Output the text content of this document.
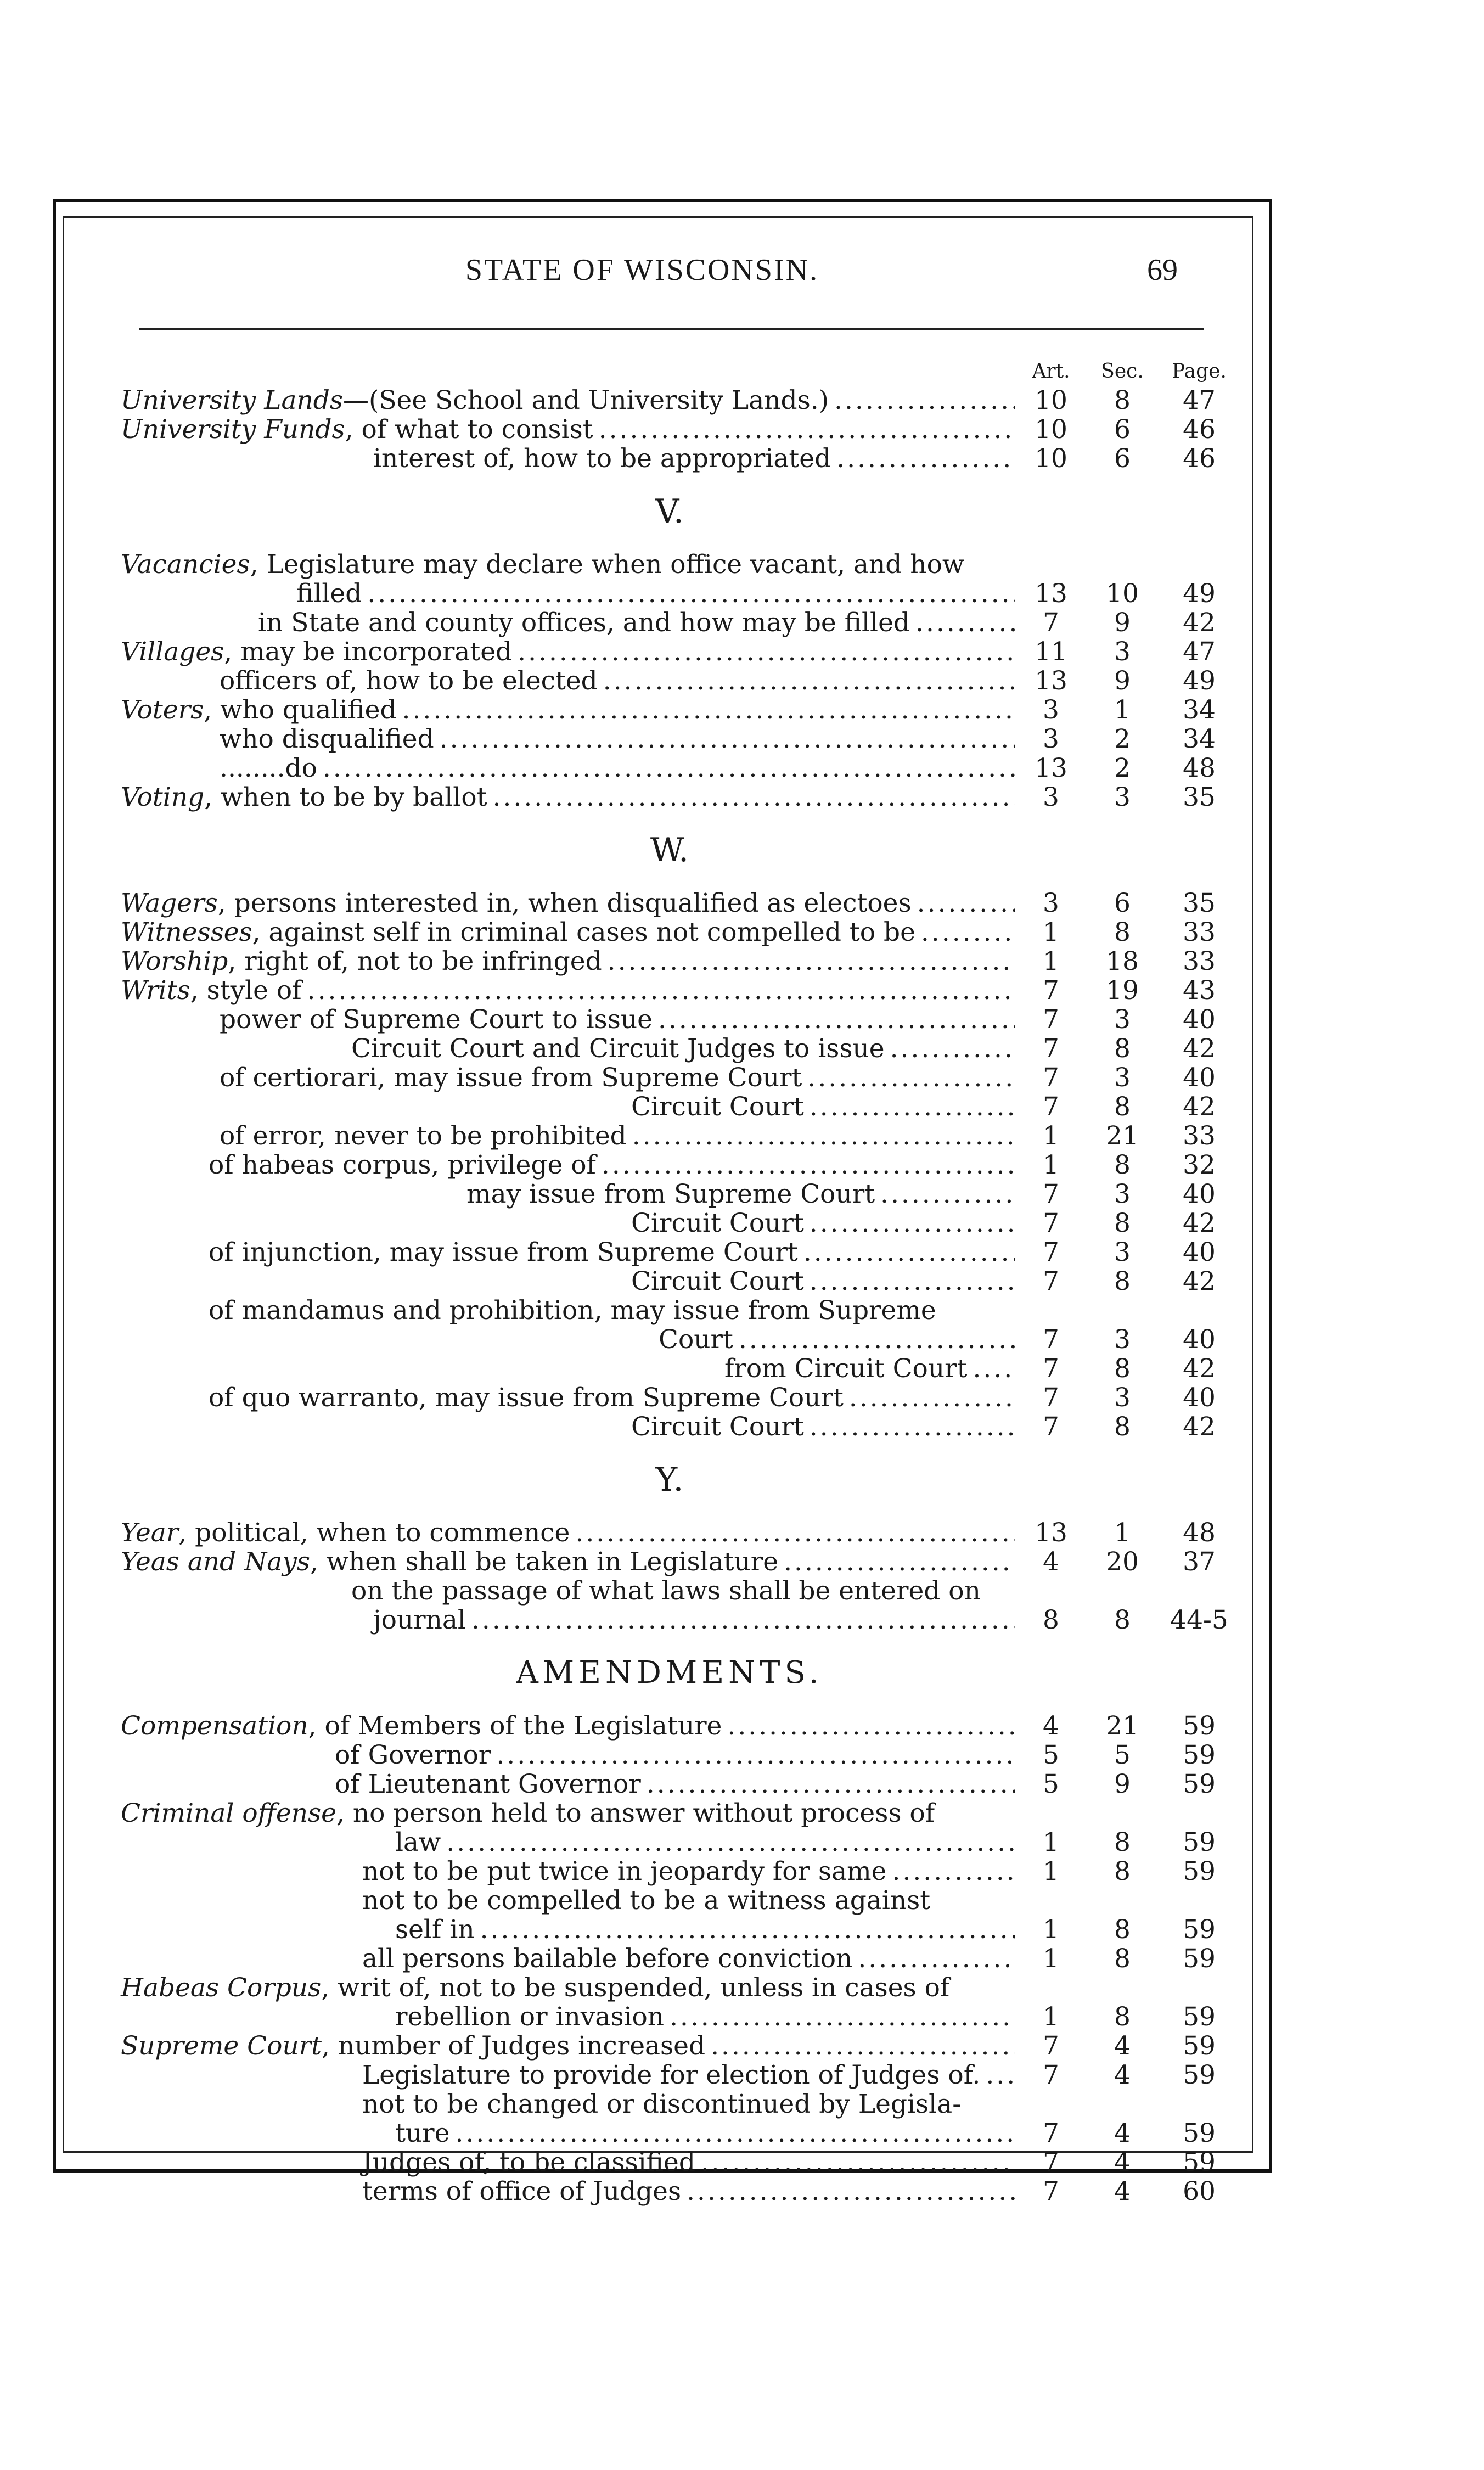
STATE OF WISCONSIN.	69
Art.	Sec.	Page.
University Lands—(See School and University Lands.)	10	8	47
.....
University Funds, of what to consist	10	6	46
.....
interest of, how to be appropriated	10	6	46
.....
V.
Vacancies, Legislature may declare when office vacant, and how
filled	13	10	49
.....
in State and county offices, and how may be filled	7	9	42
.....
Villages, may be incorporated	11	3	47
.....
officers of, how to be elected	13	9	49
.....
Voters, who qualified	3	1	34
.....
who disqualified	3	2	34
.....
........do	13	2	48
.....
Voting, when to be by ballot	3	3	35
.....
W.
Wagers, persons interested in, when disqualified as electoes	3	6	35
.....
Witnesses, against self in criminal cases not compelled to be	1	8	33
.....
Worship, right of, not to be infringed	1	18	33
.....
Writs, style of	7	19	43
.....
power of Supreme Court to issue	7	3	40
.....
Circuit Court and Circuit Judges to issue	7	8	42
.....
of certiorari, may issue from Supreme Court	7	3	40
.....
Circuit Court	7	8	42
.....
of error, never to be prohibited	1	21	33
.....
of habeas corpus, privilege of	1	8	32
.....
may issue from Supreme Court	7	3	40
.....
Circuit Court	7	8	42
.....
of injunction, may issue from Supreme Court	7	3	40
.....
Circuit Court	7	8	42
.....
of mandamus and prohibition, may issue from Supreme
Court	7	3	40
.....
from Circuit Court	7	8	42
.....
of quo warranto, may issue from Supreme Court	7	3	40
.....
Circuit Court	7	8	42
.....
Y.
Year, political, when to commence	13	1	48
.....
Yeas and Nays, when shall be taken in Legislature	4	20	37
.....
on the passage of what laws shall be entered on
journal	8	8	44-5
.....
AMENDMENTS.
Compensation, of Members of the Legislature	4	21	59
.....
of Governor	5	5	59
.....
of Lieutenant Governor	5	9	59
.....
Criminal offense, no person held to answer without process of
law	1	8	59
.....
not to be put twice in jeopardy for same	1	8	59
.....
not to be compelled to be a witness against
self in	1	8	59
.....
all persons bailable before conviction	1	8	59
.....
Habeas Corpus, writ of, not to be suspended, unless in cases of
rebellion or invasion	1	8	59
.....
Supreme Court, number of Judges increased	7	4	59
.....
Legislature to provide for election of Judges of.	7	4	59
.....
not to be changed or discontinued by Legisla-
ture	7	4	59
.....
Judges of, to be classified	7	4	59
.....
terms of office of Judges	7	4	60
.....
